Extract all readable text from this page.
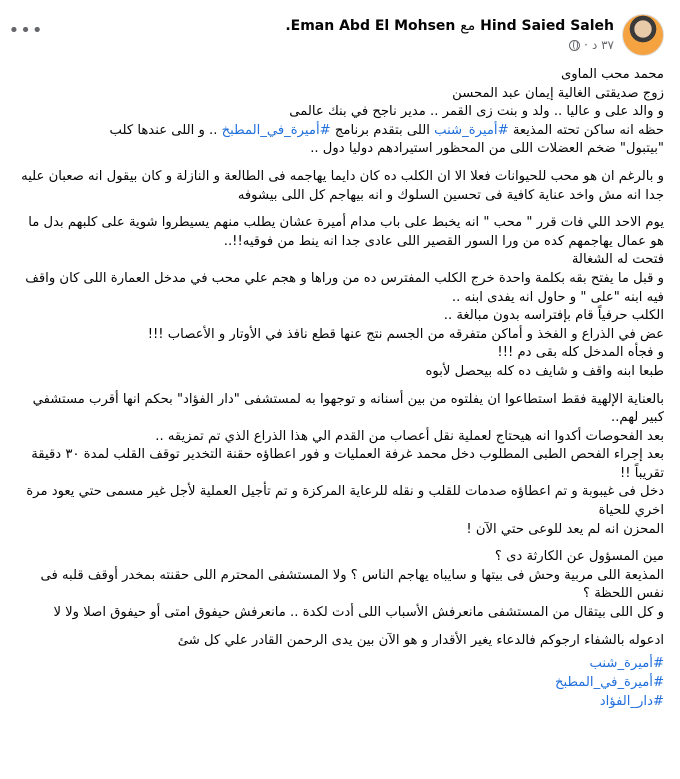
•••	Hind Saied Saleh مع Eman Abd El Mohsen.
٣٧ د
·

محمد محب الماوى

زوج صديقتى الغالية إيمان عبد المحسن

و والد على و عاليا .. ولد و بنت زى القمر .. مدير ناجح في بنك عالمى

حظه انه ساكن تحته المذيعة #أميرة_شنب اللى بتقدم برنامج #أميرة_في_المطبخ .. و اللى عندها كلب

"بيتبول" ضخم العضلات اللى من المحظور استيرادهم دوليا دول ..

و بالرغم ان هو محب للحيوانات فعلا الا ان الكلب ده كان دايما يهاجمه فى الطالعة و النازلة و كان بيقول انه صعبان عليه جدا انه مش واخد عناية كافية فى تحسين السلوك و انه بيهاجم كل اللى بيشوفه

يوم الاحد اللي فات قرر " محب " انه يخبط على باب مدام أميرة عشان يطلب منهم يسيطروا شوية على كلبهم بدل ما هو عمال يهاجمهم كده من ورا السور القصير اللى عادى جدا انه ينط من فوقيه!!..

فتحت له الشغالة

و قبل ما يفتح بقه بكلمة واحدة خرج الكلب المفترس ده من وراها و هجم علي محب في مدخل العمارة اللى كان واقف فيه ابنه "على " و حاول انه يفدى ابنه ..

الكلب حرفياً قام بإفتراسه بدون مبالغة ..

عض في الذراع و الفخذ و أماكن متفرقه من الجسم نتج عنها قطع نافذ في الأوتار و الأعصاب !!!

و فجأه المدخل كله بقى دم !!!

طبعا ابنه واقف و شايف ده كله بيحصل لأبوه

بالعناية الإلهية فقط استطاعوا ان يفلتوه من بين أسنانه و توجهوا به لمستشفى "دار الفؤاد" بحكم انها أقرب مستشفي كبير لهم..

بعد الفحوصات أكدوا انه هيحتاج لعملية نقل أعصاب من القدم الي هذا الذراع الذي تم تمزيقه ..

بعد إجراء الفحص الطبى المطلوب دخل محمد غرفة العمليات و فور اعطاؤه حقنة التخدير توقف القلب لمدة ٣٠ دقيقة تقريباً !!

دخل فى غيبوبة و تم اعطاؤه صدمات للقلب و نقله للرعاية المركزة و تم تأجيل العملية لأجل غير مسمى حتي يعود مرة اخري للحياة

المحزن انه لم يعد للوعى حتي الآن !

مين المسؤول عن الكارثة دى ؟

المذيعة اللى مربية وحش فى بيتها و سايباه يهاجم الناس ؟ ولا المستشفى المحترم اللى حقنته بمخدر أوقف قلبه فى نفس اللحظة ؟

و كل اللى بيتقال من المستشفى مانعرفش الأسباب اللى أدت لكدة .. مانعرفش حيفوق امتى أو حيفوق اصلا ولا لا

ادعوله بالشفاء ارجوكم فالدعاء يغير الأقدار و هو الآن بين يدى الرحمن القادر علي كل شئ

#أميرة_شنب
#أميرة_في_المطبخ
#دار_الفؤاد
